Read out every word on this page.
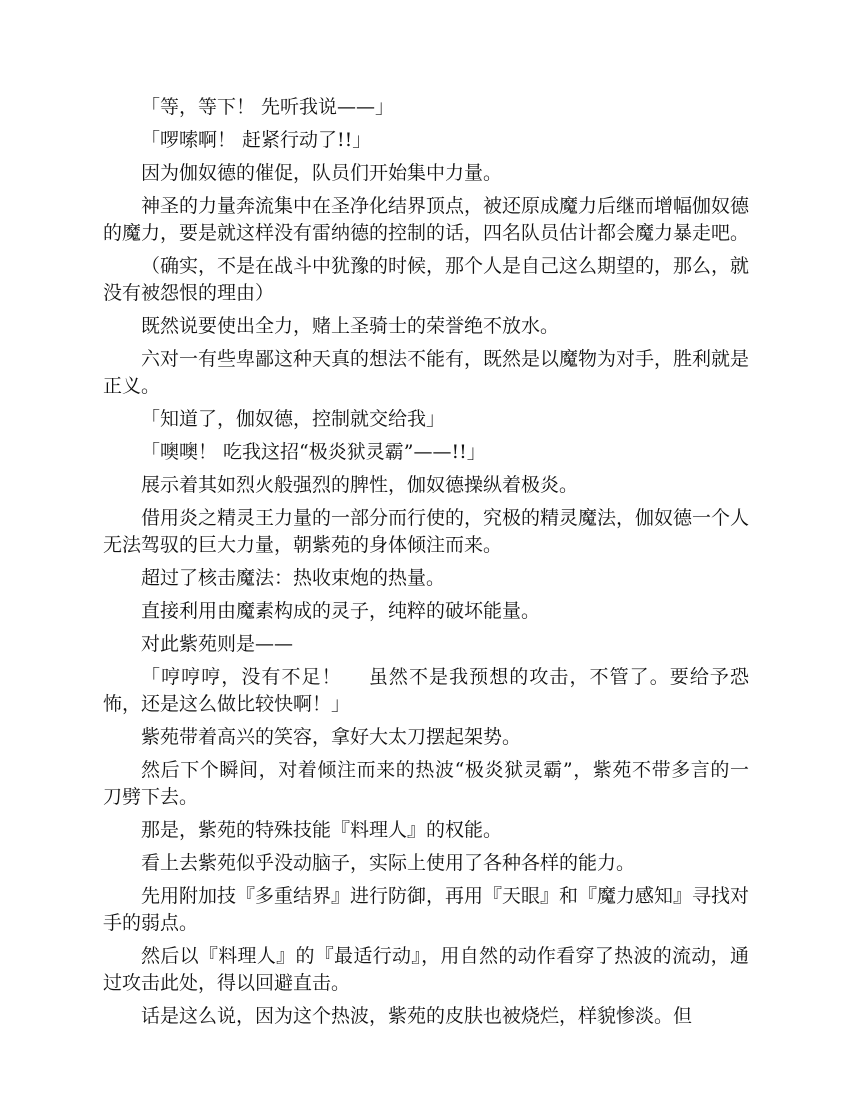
「等，等下！ 先听我说——」

「啰嗦啊！ 赶紧行动了!!」

因为伽奴德的催促，队员们开始集中力量。

神圣的力量奔流集中在圣净化结界顶点，被还原成魔力后继而增幅伽奴德的魔力，要是就这样没有雷纳德的控制的话，四名队员估计都会魔力暴走吧。

（确实，不是在战斗中犹豫的时候，那个人是自己这么期望的，那么，就没有被怨恨的理由）

既然说要使出全力，赌上圣骑士的荣誉绝不放水。

六对一有些卑鄙这种天真的想法不能有，既然是以魔物为对手，胜利就是正义。

「知道了，伽奴德，控制就交给我」

「噢噢！ 吃我这招“极炎狱灵霸”——!!」

展示着其如烈火般强烈的脾性，伽奴德操纵着极炎。

借用炎之精灵王力量的一部分而行使的，究极的精灵魔法，伽奴德一个人无法驾驭的巨大力量，朝紫苑的身体倾注而来。

超过了核击魔法：热收束炮的热量。

直接利用由魔素构成的灵子，纯粹的破坏能量。

对此紫苑则是——

「哼哼哼，没有不足！　 虽然不是我预想的攻击，不管了。要给予恐怖，还是这么做比较快啊！」

紫苑带着高兴的笑容，拿好大太刀摆起架势。

然后下个瞬间，对着倾注而来的热波“极炎狱灵霸”，紫苑不带多言的一刀劈下去。

那是，紫苑的特殊技能『料理人』的权能。

看上去紫苑似乎没动脑子，实际上使用了各种各样的能力。

先用附加技『多重结界』进行防御，再用『天眼』和『魔力感知』寻找对手的弱点。

然后以『料理人』的『最适行动』，用自然的动作看穿了热波的流动，通过攻击此处，得以回避直击。

话是这么说，因为这个热波，紫苑的皮肤也被烧烂，样貌惨淡。但
